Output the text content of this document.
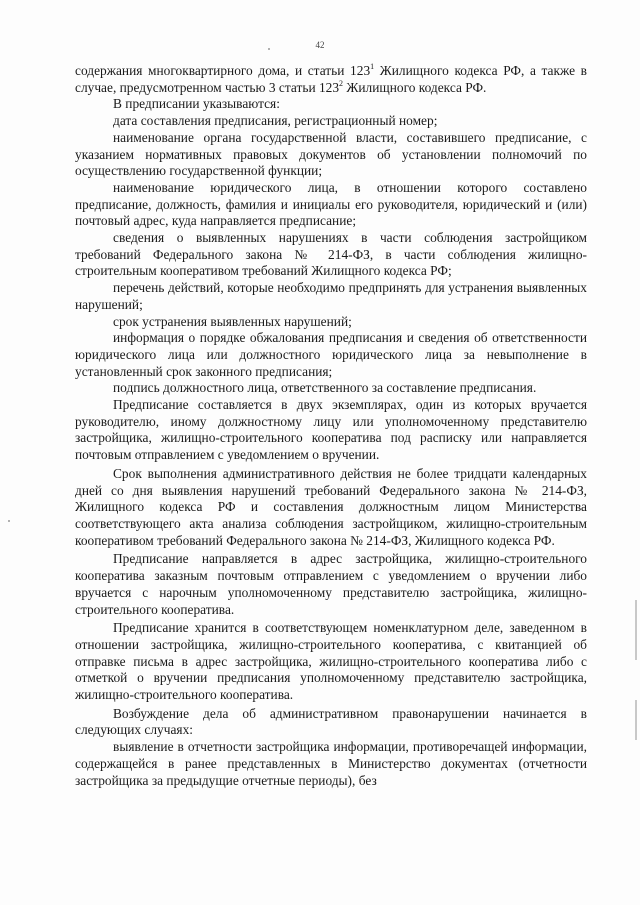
42

содержания многоквартирного дома, и статьи $123^1$ Жилищного кодекса РФ, а также в случае, предусмотренном частью 3 статьи $123^2$ Жилищного кодекса РФ.

В предписании указываются:

дата составления предписания, регистрационный номер;

наименование органа государственной власти, составившего предписание, с указанием нормативных правовых документов об установлении полномочий по осуществлению государственной функции;

наименование юридического лица, в отношении которого составлено предписание, должность, фамилия и инициалы его руководителя, юридический и (или) почтовый адрес, куда направляется предписание;

сведения о выявленных нарушениях в части соблюдения застройщиком требований Федерального закона № 214-ФЗ, в части соблюдения жилищно-строительным кооперативом требований Жилищного кодекса РФ;

перечень действий, которые необходимо предпринять для устранения выявленных нарушений;

срок устранения выявленных нарушений;

информация о порядке обжалования предписания и сведения об ответственности юридического лица или должностного юридического лица за невыполнение в установленный срок законного предписания;

подпись должностного лица, ответственного за составление предписания.

Предписание составляется в двух экземплярах, один из которых вручается руководителю, иному должностному лицу или уполномоченному представителю застройщика, жилищно-строительного кооператива под расписку или направляется почтовым отправлением с уведомлением о вручении.

Срок выполнения административного действия не более тридцати календарных дней со дня выявления нарушений требований Федерального закона № 214-ФЗ, Жилищного кодекса РФ и составления должностным лицом Министерства соответствующего акта анализа соблюдения застройщиком, жилищно-строительным кооперативом требований Федерального закона № 214-ФЗ, Жилищного кодекса РФ.

Предписание направляется в адрес застройщика, жилищно-строительного кооператива заказным почтовым отправлением с уведомлением о вручении либо вручается с нарочным уполномоченному представителю застройщика, жилищно-строительного кооператива.

Предписание хранится в соответствующем номенклатурном деле, заведенном в отношении застройщика, жилищно-строительного кооператива, с квитанцией об отправке письма в адрес застройщика, жилищно-строительного кооператива либо с отметкой о вручении предписания уполномоченному представителю застройщика, жилищно-строительного кооператива.

Возбуждение дела об административном правонарушении начинается в следующих случаях:

выявление в отчетности застройщика информации, противоречащей информации, содержащейся в ранее представленных в Министерство документах (отчетности застройщика за предыдущие отчетные периоды), без
